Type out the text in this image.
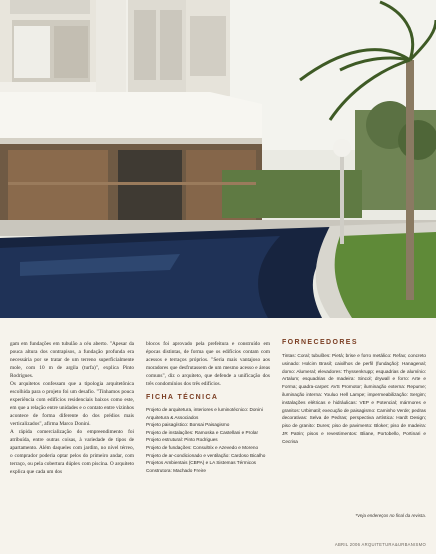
gam em fundações em tubulão a céu aberto. "Apesar da pouca altura dos contrapisos, a fundação profunda era necessária por se tratar de um terreno superficialmente mole, com 10 m de argila (turfa)", explica Pinto Rodrigues.
Os arquitetos confessam que a tipologia arquitetônica escolhida para o projeto foi um desafio. "Tínhamos pouca experiência com edifícios residenciais baixos como este, em que a relação entre unidades e o contato entre vizinhos acontece de forma diferente do dos prédios mais verticalizados", afirma Marco Donini.
A rápida comercialização do empreendimento foi atribuída, entre outras coisas, à variedade de tipos de apartamento. Além daqueles com jardim, no nível térreo, o comprador poderia optar pelos do primeiro andar, com terraço, ou pela cobertura dúplex com piscina. O arquiteto explica que cada um dos

blocos foi aprovado pela prefeitura e construído em épocas distintas, de forma que os edifícios contam com acessos e terraços próprios. "Seria mais vantajoso aos moradores que desfrutassem de um mesmo acesso e áreas comuns", diz o arquiteto, que defende a unificação dos três condomínios dos três edifícios.

FICHA TÉCNICA

Projeto de arquitetura, interiores e luminotécnico: Donini Arquitetura & Associados
Projeto paisagístico: Bonsai Paisagismo
Projeto de instalações: Ramoska e Castellani e Prolar
Projeto estrutural: Pinto Rodrigues
Projeto de fundações: Consultrix e Azevedo e Moreno
Projeto de ar-condicionado e ventilação: Cardoso Bicalho Projetos Ambientais (CBPA) e LA Sistemas Térmicos
Construtora: Machado Freire

FORNECEDORES

Tintas: Coral; tubulões: Pietá; brise e forro metálico: Refax; concreto usinado: Holcim Brasil; caixilhos de perfil (fundação): Hanagenal; domo: Alumeral; elevadores: Thyssenkrupp; esquadrias de alumínio: Artalum; esquadrias de madeira: Sincol; drywall e forro: Arte e Forma; quadra-carpet: AVS Promotor; iluminação externa: Repume; iluminação interna: Youluo Hell Lampe; impermeabilização: Sergim; instalações elétricas e hidráulicas: VEP e Potencial; mármores e granitos: Urbimatil; execução de paisagismo: Caminho Verde; pedras decorativas: Selva de Pedras; perspectiva artística: Hardt Design; piso de granito: Dures; piso de pavimento: Bloker; piso de madeira: JR Patrin; pisos e revestimentos: Bliane, Portobello, Portinari e Cecrisa

*Veja endereços no final da revista.

ABRIL 2006 ARQUITETURA&URBANISMO
